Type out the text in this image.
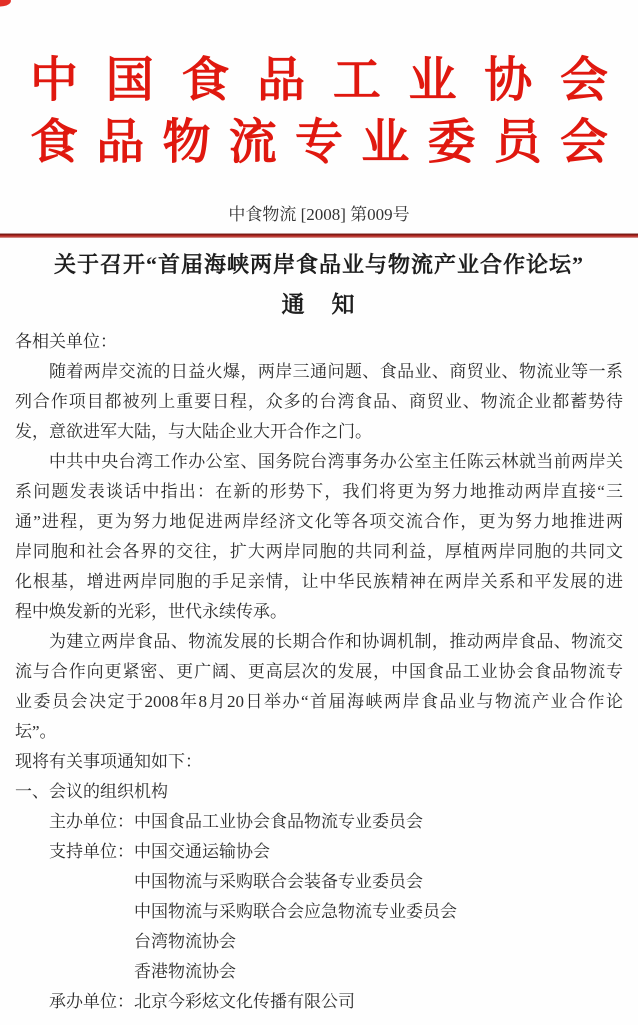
中国食品工业协会
食品物流专业委员会
中食物流 [2008] 第009号
关于召开“首届海峡两岸食品业与物流产业合作论坛”
通　知
各相关单位：
随着两岸交流的日益火爆，两岸三通问题、食品业、商贸业、物流业等一系
列合作项目都被列上重要日程，众多的台湾食品、商贸业、物流企业都蓄势待
发，意欲进军大陆，与大陆企业大开合作之门。
中共中央台湾工作办公室、国务院台湾事务办公室主任陈云林就当前两岸关
系问题发表谈话中指出：在新的形势下，我们将更为努力地推动两岸直接“三
通”进程，更为努力地促进两岸经济文化等各项交流合作，更为努力地推进两
岸同胞和社会各界的交往，扩大两岸同胞的共同利益，厚植两岸同胞的共同文
化根基，增进两岸同胞的手足亲情，让中华民族精神在两岸关系和平发展的进
程中焕发新的光彩，世代永续传承。
为建立两岸食品、物流发展的长期合作和协调机制，推动两岸食品、物流交
流与合作向更紧密、更广阔、更高层次的发展，中国食品工业协会食品物流专
业委员会决定于2008年8月20日举办“首届海峡两岸食品业与物流产业合作论
坛”。
现将有关事项通知如下：
一、会议的组织机构
主办单位： 中国食品工业协会食品物流专业委员会
支持单位： 中国交通运输协会
中国物流与采购联合会装备专业委员会
中国物流与采购联合会应急物流专业委员会
台湾物流协会
香港物流协会
承办单位： 北京今彩炫文化传播有限公司
